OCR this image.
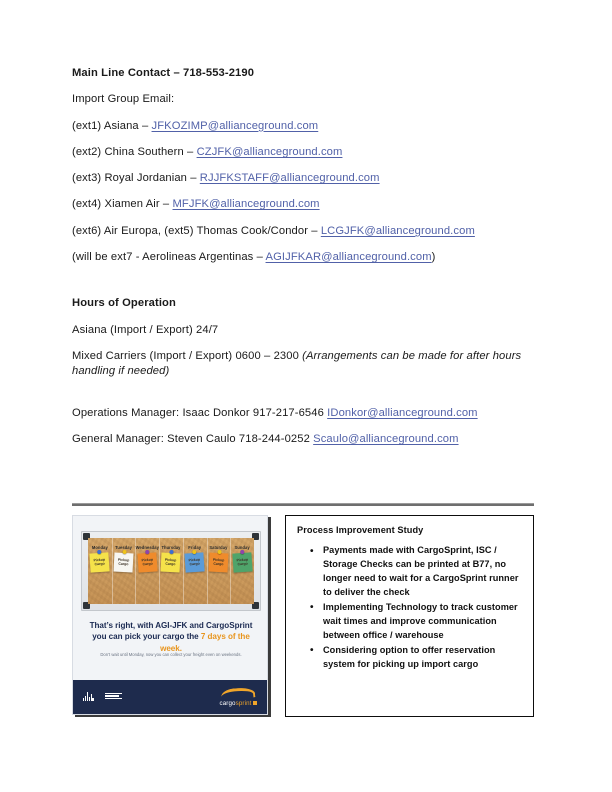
Main Line Contact – 718-553-2190

Import Group Email:

(ext1) Asiana – JFKOZIMP@allianceground.com

(ext2) China Southern – CZJFK@allianceground.com

(ext3) Royal Jordanian – RJJFKSTAFF@allianceground.com

(ext4) Xiamen Air – MFJFK@allianceground.com

(ext6) Air Europa, (ext5) Thomas Cook/Condor – LCGJFK@allianceground.com

(will be ext7 - Aerolineas Argentinas – AGIJFKAR@allianceground.com)

Hours of Operation

Asiana (Import / Export) 24/7

Mixed Carriers (Import / Export) 0600 – 2300 (Arrangements can be made for after hours handling if needed)

Operations Manager: Isaac Donkor 917-217-6546 IDonkor@allianceground.com

General Manager: Steven Caulo 718-244-0252 Scaulo@allianceground.com

Monday
Pickup
Cargo
Tuesday
Pickup
Cargo
Wednesday
Pickup
Cargo
Thursday
Pickup
Cargo
Friday
Pickup
Cargo
Saturday
Pickup
Cargo
Sunday
Pickup
Cargo
That’s right, with AGI-JFK and CargoSprint you can pick your cargo the 7 days of the week.
Don’t wait until Monday, now you can collect your freight even on weekends.
cargosprint
Process Improvement Study
• Payments made with CargoSprint, ISC / Storage Checks can be printed at B77, no longer need to wait for a CargoSprint runner to deliver the check
• Implementing Technology to track customer wait times and improve communication between office / warehouse
• Considering option to offer reservation system for picking up import cargo
